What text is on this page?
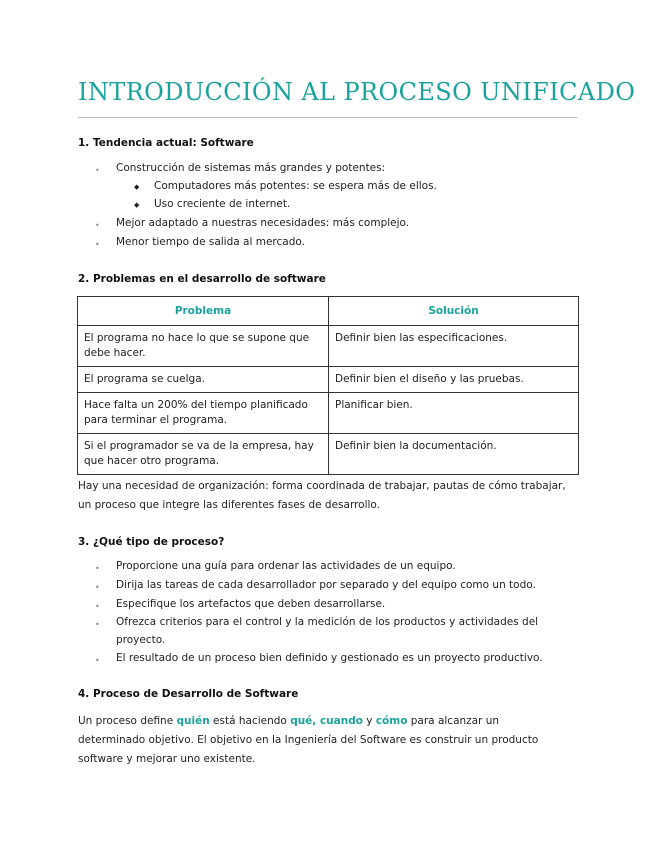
INTRODUCCIÓN AL PROCESO UNIFICADO
1. Tendencia actual: Software
• Construcción de sistemas más grandes y potentes:
◆ Computadores más potentes: se espera más de ellos.
◆ Uso creciente de internet.
• Mejor adaptado a nuestras necesidades: más complejo.
• Menor tiempo de salida al mercado.
2. Problemas en el desarrollo de software
Problema	Solución
El programa no hace lo que se supone que debe hacer.	Definir bien las especificaciones.
El programa se cuelga.	Definir bien el diseño y las pruebas.
Hace falta un 200% del tiempo planificado para terminar el programa.	Planificar bien.
Si el programador se va de la empresa, hay que hacer otro programa.	Definir bien la documentación.
Hay una necesidad de organización: forma coordinada de trabajar, pautas de cómo trabajar, un proceso que integre las diferentes fases de desarrollo.
3. ¿Qué tipo de proceso?
• Proporcione una guía para ordenar las actividades de un equipo.
• Dirija las tareas de cada desarrollador por separado y del equipo como un todo.
• Especifique los artefactos que deben desarrollarse.
• Ofrezca criterios para el control y la medición de los productos y actividades del proyecto.
• El resultado de un proceso bien definido y gestionado es un proyecto productivo.
4. Proceso de Desarrollo de Software
Un proceso define quién está haciendo qué, cuando y cómo para alcanzar un determinado objetivo. El objetivo en la Ingeniería del Software es construir un producto software y mejorar uno existente.
